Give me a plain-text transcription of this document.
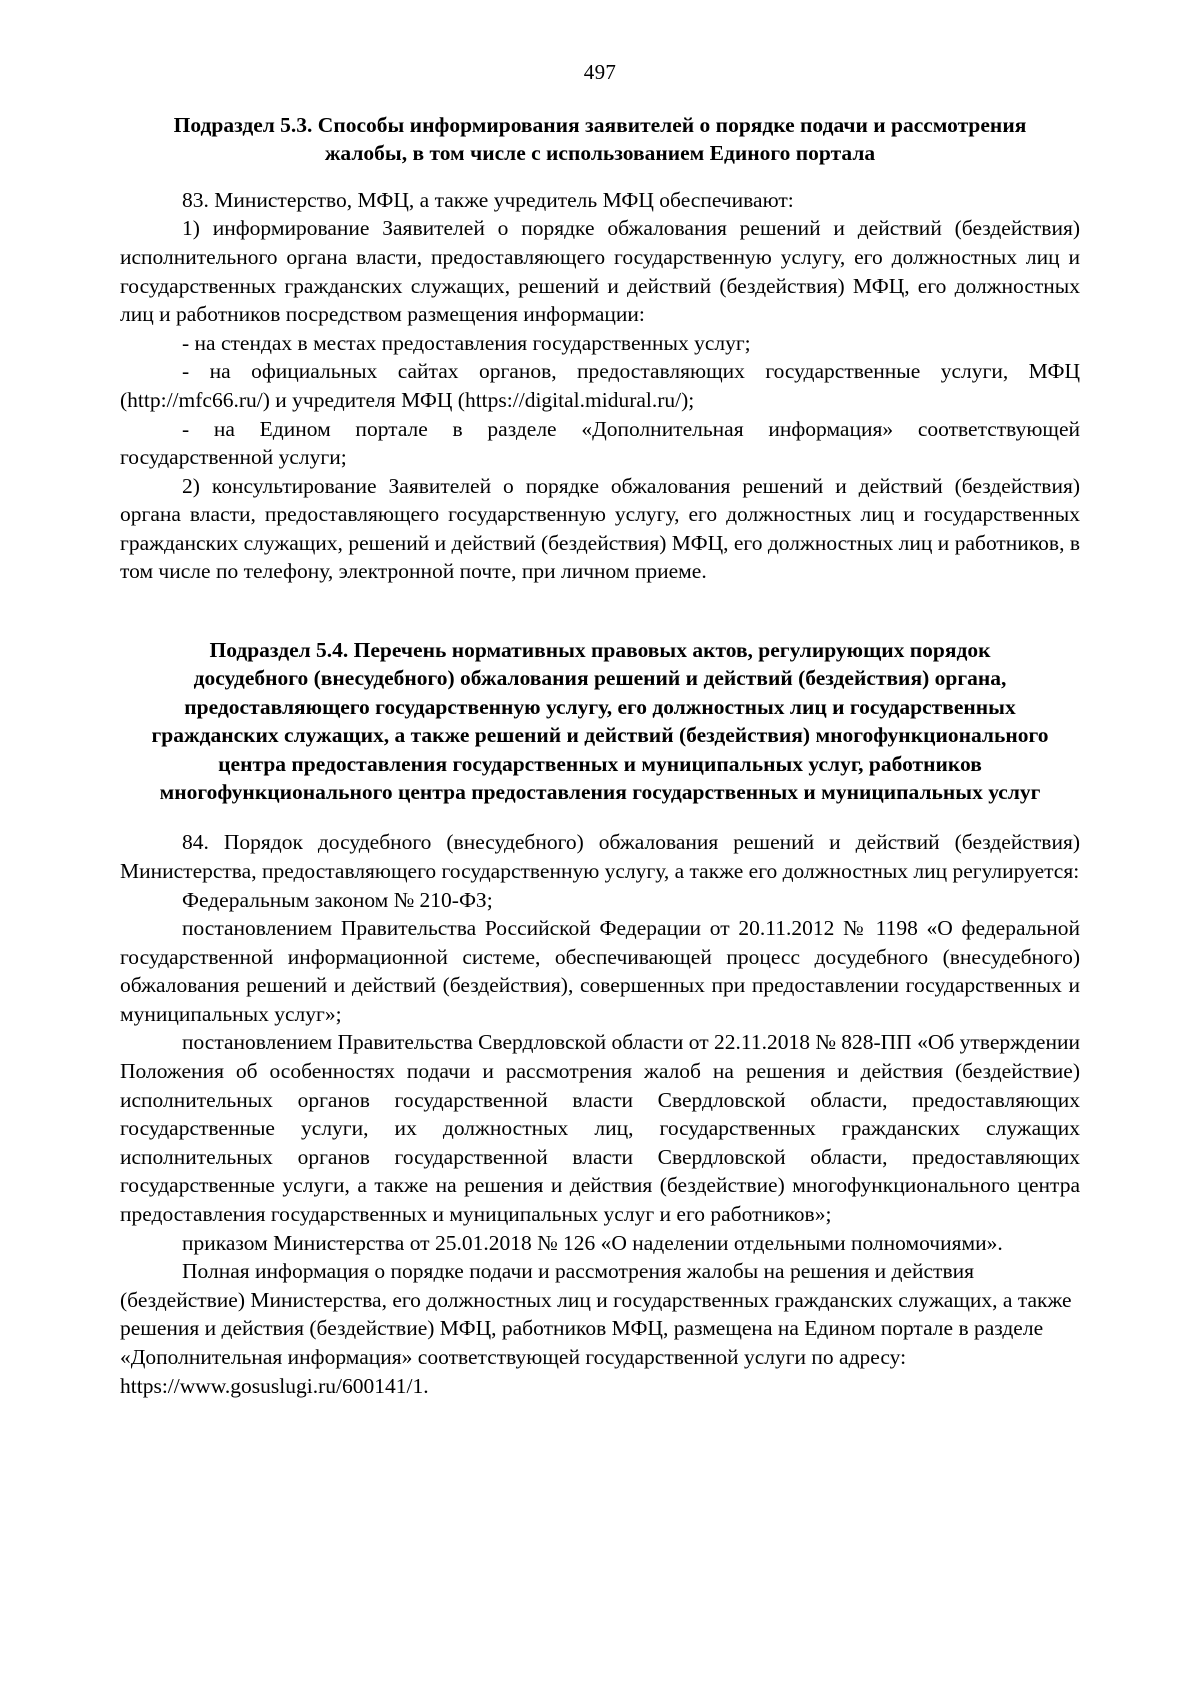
497
Подраздел 5.3. Способы информирования заявителей о порядке подачи и рассмотрения жалобы, в том числе с использованием Единого портала

83. Министерство, МФЦ, а также учредитель МФЦ обеспечивают:

1) информирование Заявителей о порядке обжалования решений и действий (бездействия) исполнительного органа власти, предоставляющего государственную услугу, его должностных лиц и государственных гражданских служащих, решений и действий (бездействия) МФЦ, его должностных лиц и работников посредством размещения информации:

- на стендах в местах предоставления государственных услуг;

- на официальных сайтах органов, предоставляющих государственные услуги, МФЦ (http://mfc66.ru/) и учредителя МФЦ (https://digital.midural.ru/);

- на Едином портале в разделе «Дополнительная информация» соответствующей государственной услуги;

2) консультирование Заявителей о порядке обжалования решений и действий (бездействия) органа власти, предоставляющего государственную услугу, его должностных лиц и государственных гражданских служащих, решений и действий (бездействия) МФЦ, его должностных лиц и работников, в том числе по телефону, электронной почте, при личном приеме.

Подраздел 5.4. Перечень нормативных правовых актов, регулирующих порядок досудебного (внесудебного) обжалования решений и действий (бездействия) органа, предоставляющего государственную услугу, его должностных лиц и государственных гражданских служащих, а также решений и действий (бездействия) многофункционального центра предоставления государственных и муниципальных услуг, работников многофункционального центра предоставления государственных и муниципальных услуг

84. Порядок досудебного (внесудебного) обжалования решений и действий (бездействия) Министерства, предоставляющего государственную услугу, а также его должностных лиц регулируется:

Федеральным законом № 210-ФЗ;

постановлением Правительства Российской Федерации от 20.11.2012 № 1198 «О федеральной государственной информационной системе, обеспечивающей процесс досудебного (внесудебного) обжалования решений и действий (бездействия), совершенных при предоставлении государственных и муниципальных услуг»;

постановлением Правительства Свердловской области от 22.11.2018 № 828-ПП «Об утверждении Положения об особенностях подачи и рассмотрения жалоб на решения и действия (бездействие) исполнительных органов государственной власти Свердловской области, предоставляющих государственные услуги, их должностных лиц, государственных гражданских служащих исполнительных органов государственной власти Свердловской области, предоставляющих государственные услуги, а также на решения и действия (бездействие) многофункционального центра предоставления государственных и муниципальных услуг и его работников»;

приказом Министерства от 25.01.2018 № 126 «О наделении отдельными полномочиями».

Полная информация о порядке подачи и рассмотрения жалобы на решения и действия (бездействие) Министерства, его должностных лиц и государственных гражданских служащих, а также решения и действия (бездействие) МФЦ, работников МФЦ, размещена на Едином портале в разделе «Дополнительная информация» соответствующей государственной услуги по адресу: https://www.gosuslugi.ru/600141/1.
